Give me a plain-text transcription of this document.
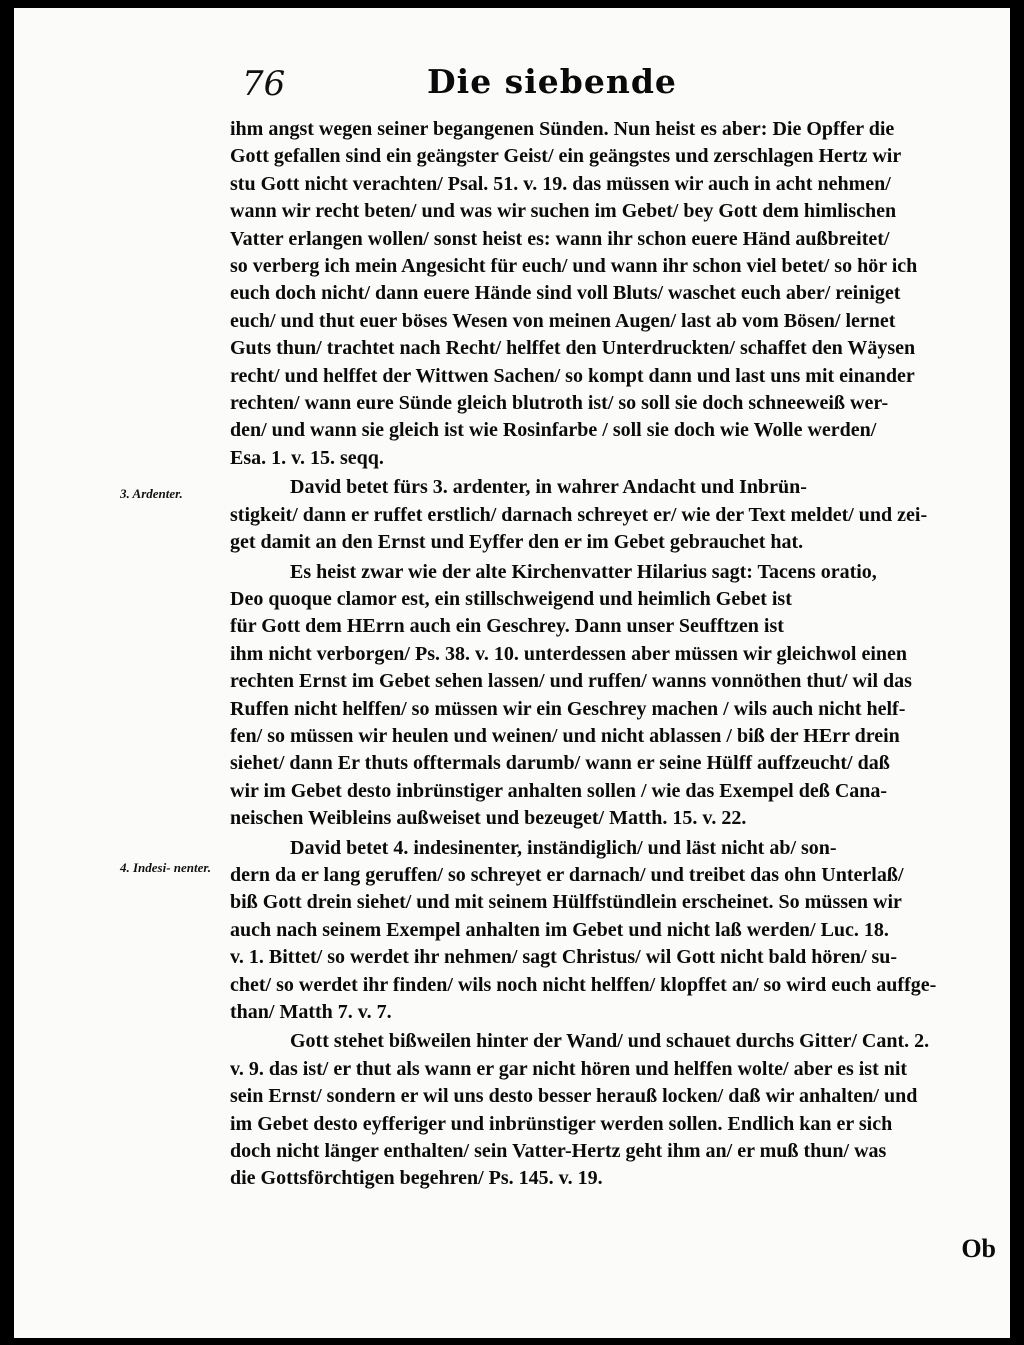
76	Die siebende
3. Ardenter.
4. Indesi- nenter.
ihm angst wegen seiner begangenen Sünden. Nun heist es aber: Die Opffer die
Gott gefallen sind ein geängster Geist/ ein geängstes und zerschlagen Hertz wir
stu Gott nicht verachten/ Psal. 51. v. 19. das müssen wir auch in acht nehmen/
wann wir recht beten/ und was wir suchen im Gebet/ bey Gott dem himlischen
Vatter erlangen wollen/ sonst heist es: wann ihr schon euere Händ außbreitet/
so verberg ich mein Angesicht für euch/ und wann ihr schon viel betet/ so hör ich
euch doch nicht/ dann euere Hände sind voll Bluts/ waschet euch aber/ reiniget
euch/ und thut euer böses Wesen von meinen Augen/ last ab vom Bösen/ lernet
Guts thun/ trachtet nach Recht/ helffet den Unterdruckten/ schaffet den Wäysen
recht/ und helffet der Wittwen Sachen/ so kompt dann und last uns mit einander
rechten/ wann eure Sünde gleich blutroth ist/ so soll sie doch schneeweiß wer-
den/ und wann sie gleich ist wie Rosinfarbe / soll sie doch wie Wolle werden/
Esa. 1. v. 15. seqq.
David betet fürs 3. ardenter, in wahrer Andacht und Inbrün-
stigkeit/ dann er ruffet erstlich/ darnach schreyet er/ wie der Text meldet/ und zei-
get damit an den Ernst und Eyffer den er im Gebet gebrauchet hat.
Es heist zwar wie der alte Kirchenvatter Hilarius sagt: Tacens oratio,
Deo quoque clamor est, ein stillschweigend und heimlich Gebet ist
für Gott dem HErrn auch ein Geschrey. Dann unser Seufftzen ist
ihm nicht verborgen/ Ps. 38. v. 10. unterdessen aber müssen wir gleichwol einen
rechten Ernst im Gebet sehen lassen/ und ruffen/ wanns vonnöthen thut/ wil das
Ruffen nicht helffen/ so müssen wir ein Geschrey machen / wils auch nicht helf-
fen/ so müssen wir heulen und weinen/ und nicht ablassen / biß der HErr drein
siehet/ dann Er thuts offtermals darumb/ wann er seine Hülff auffzeucht/ daß
wir im Gebet desto inbrünstiger anhalten sollen / wie das Exempel deß Cana-
neischen Weibleins außweiset und bezeuget/ Matth. 15. v. 22.
David betet 4. indesinenter, inständiglich/ und läst nicht ab/ son-
dern da er lang geruffen/ so schreyet er darnach/ und treibet das ohn Unterlaß/
biß Gott drein siehet/ und mit seinem Hülffstündlein erscheinet. So müssen wir
auch nach seinem Exempel anhalten im Gebet und nicht laß werden/ Luc. 18.
v. 1. Bittet/ so werdet ihr nehmen/ sagt Christus/ wil Gott nicht bald hören/ su-
chet/ so werdet ihr finden/ wils noch nicht helffen/ klopffet an/ so wird euch auffge-
than/ Matth 7. v. 7.
Gott stehet bißweilen hinter der Wand/ und schauet durchs Gitter/ Cant. 2.
v. 9. das ist/ er thut als wann er gar nicht hören und helffen wolte/ aber es ist nit
sein Ernst/ sondern er wil uns desto besser herauß locken/ daß wir anhalten/ und
im Gebet desto eyfferiger und inbrünstiger werden sollen. Endlich kan er sich
doch nicht länger enthalten/ sein Vatter-Hertz geht ihm an/ er muß thun/ was
die Gottsförchtigen begehren/ Ps. 145. v. 19.
Ob
